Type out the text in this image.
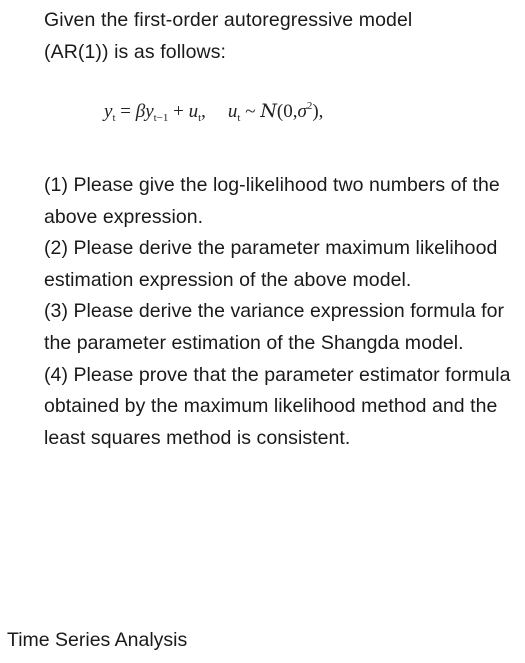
Given the first-order autoregressive model
(AR(1)) is as follows:
$y_t = \beta y_{t-1} + u_t$, $u_t$ ~ $N(0,\sigma^2)$,
(1) Please give the log-likelihood two numbers of the above expression.
(2) Please derive the parameter maximum likelihood estimation expression of the above model.
(3) Please derive the variance expression formula for the parameter estimation of the Shangda model.
(4) Please prove that the parameter estimator formula obtained by the maximum likelihood method and the least squares method is consistent.
Time Series Analysis
